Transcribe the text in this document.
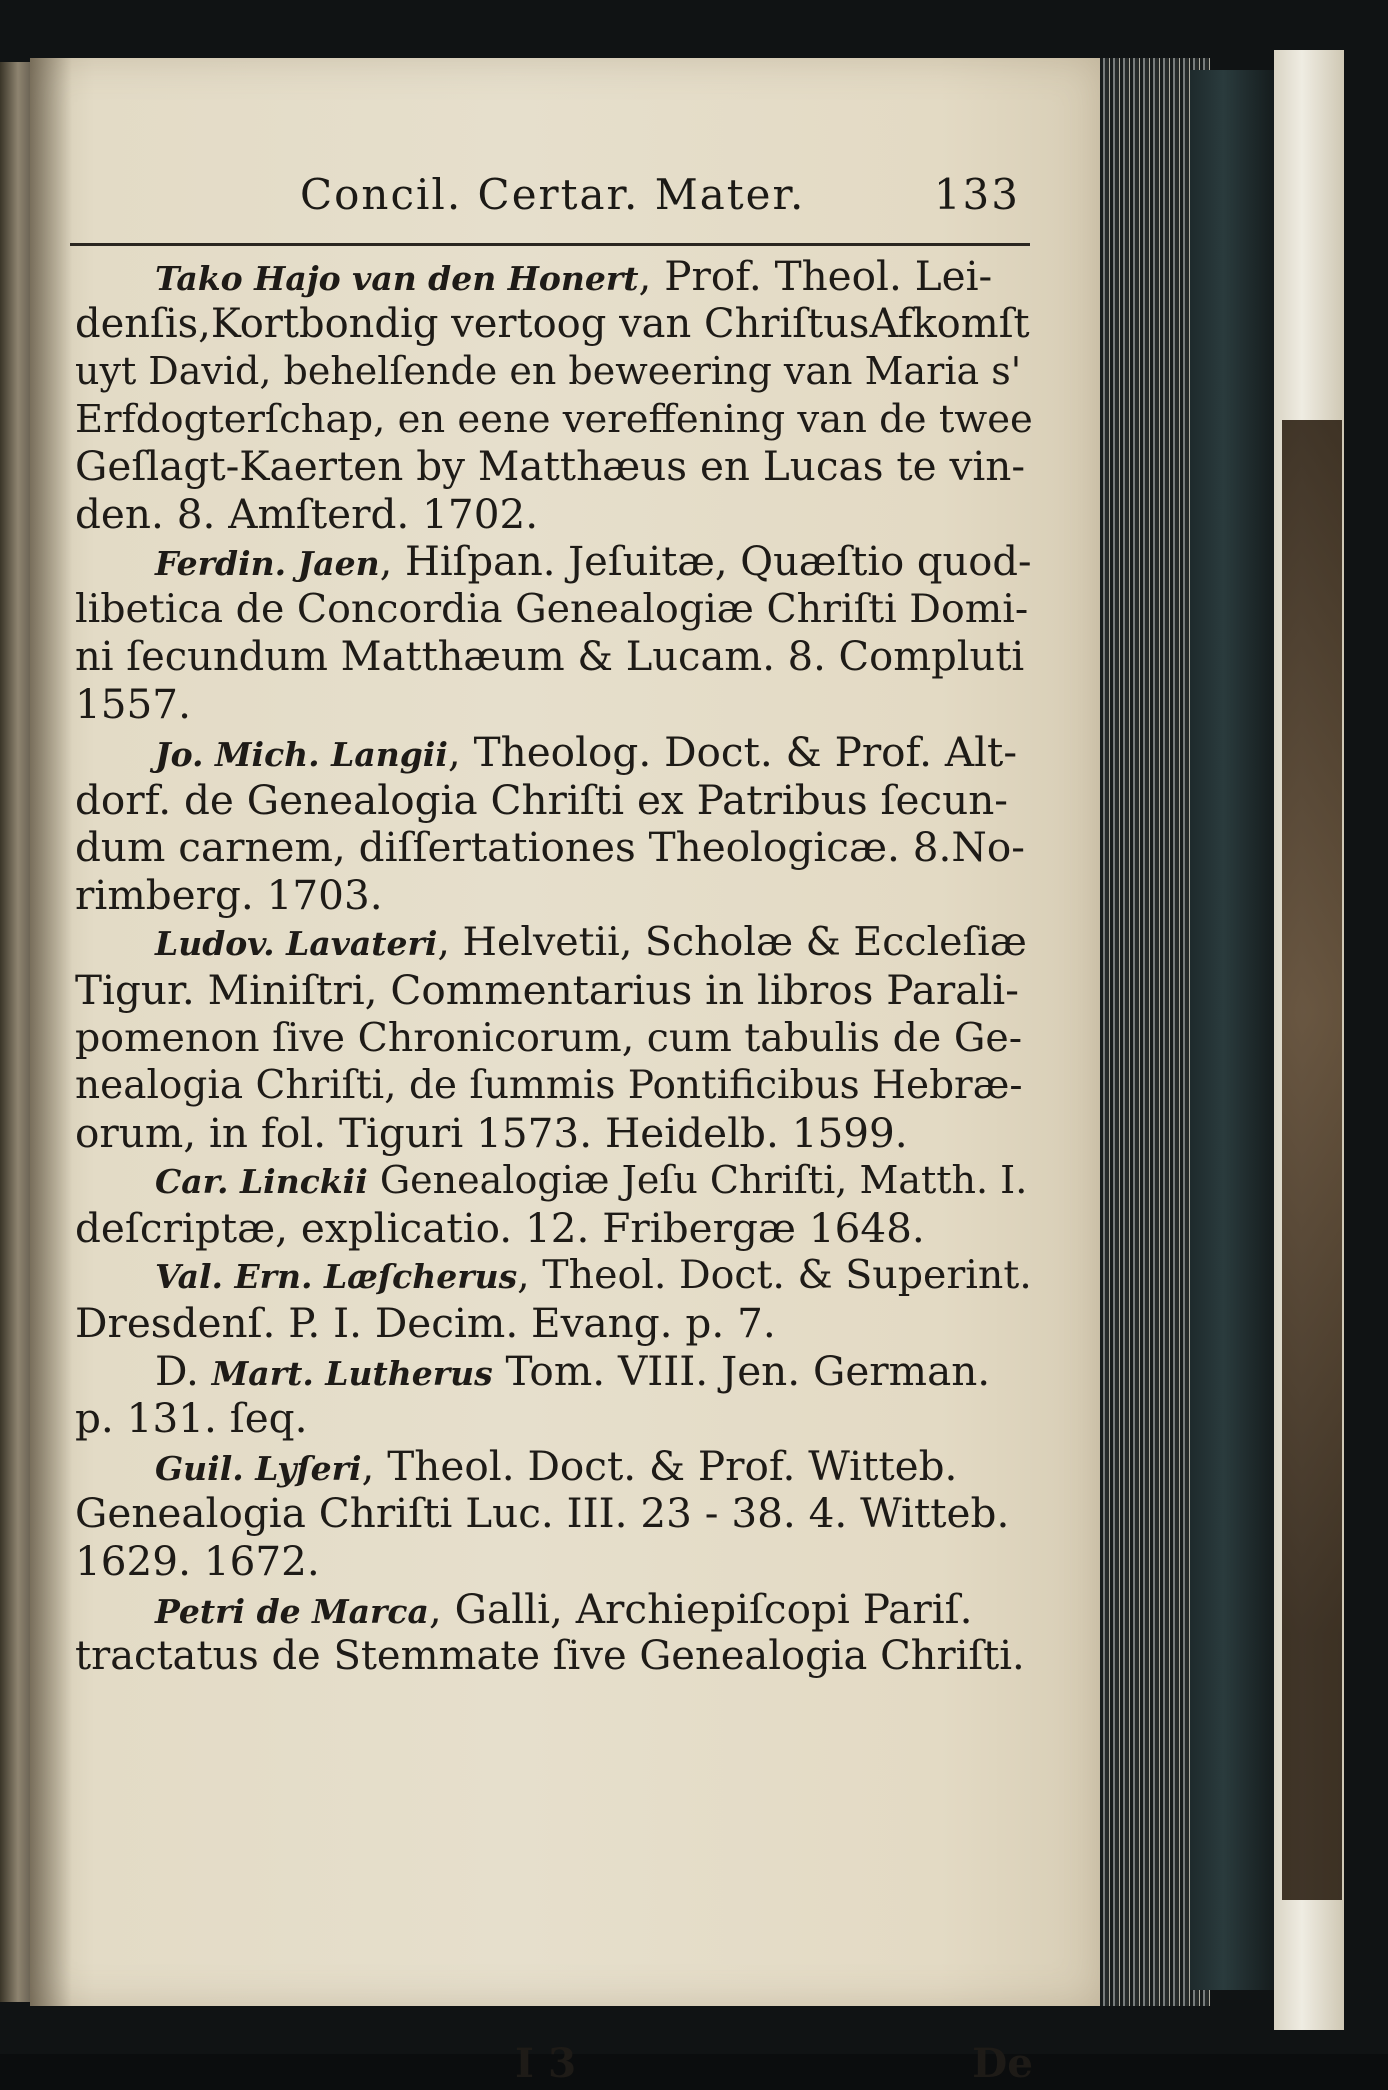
Concil. Certar. Mater.	133
Tako Hajo van den Honert, Prof. Theol. Lei-
denſis,Kortbondig vertoog van ChriſtusAfkomſt
uyt David, behelſende en beweering van Maria s'
Erfdogterſchap, en eene vereffening van de twee
Geſlagt-Kaerten by Matthæus en Lucas te vin-
den. 8. Amſterd. 1702.
Ferdin. Jaen, Hiſpan. Jeſuitæ, Quæſtio quod-
libetica de Concordia Genealogiæ Chriſti Domi-
ni ſecundum Matthæum & Lucam. 8. Compluti
1557.
Jo. Mich. Langii, Theolog. Doct. & Prof. Alt-
dorf. de Genealogia Chriſti ex Patribus ſecun-
dum carnem, diſſertationes Theologicæ. 8.No-
rimberg. 1703.
Ludov. Lavateri, Helvetii, Scholæ & Eccleſiæ
Tigur. Miniſtri, Commentarius in libros Parali-
pomenon ſive Chronicorum, cum tabulis de Ge-
nealogia Chriſti, de ſummis Pontificibus Hebræ-
orum, in fol. Tiguri 1573. Heidelb. 1599.
Car. Linckii Genealogiæ Jeſu Chriſti, Matth. I.
deſcriptæ, explicatio. 12. Fribergæ 1648.
Val. Ern. Læſcherus, Theol. Doct. & Superint.
Dresdenſ. P. I. Decim. Evang. p. 7.
D. Mart. Lutherus Tom. VIII. Jen. German.
p. 131. ſeq.
Guil. Lyſeri, Theol. Doct. & Prof. Witteb.
Genealogia Chriſti Luc. III. 23 - 38. 4. Witteb.
1629. 1672.
Petri de Marca, Galli, Archiepiſcopi Pariſ.
tractatus de Stemmate ſive Genealogia Chriſti.
I 3	De
